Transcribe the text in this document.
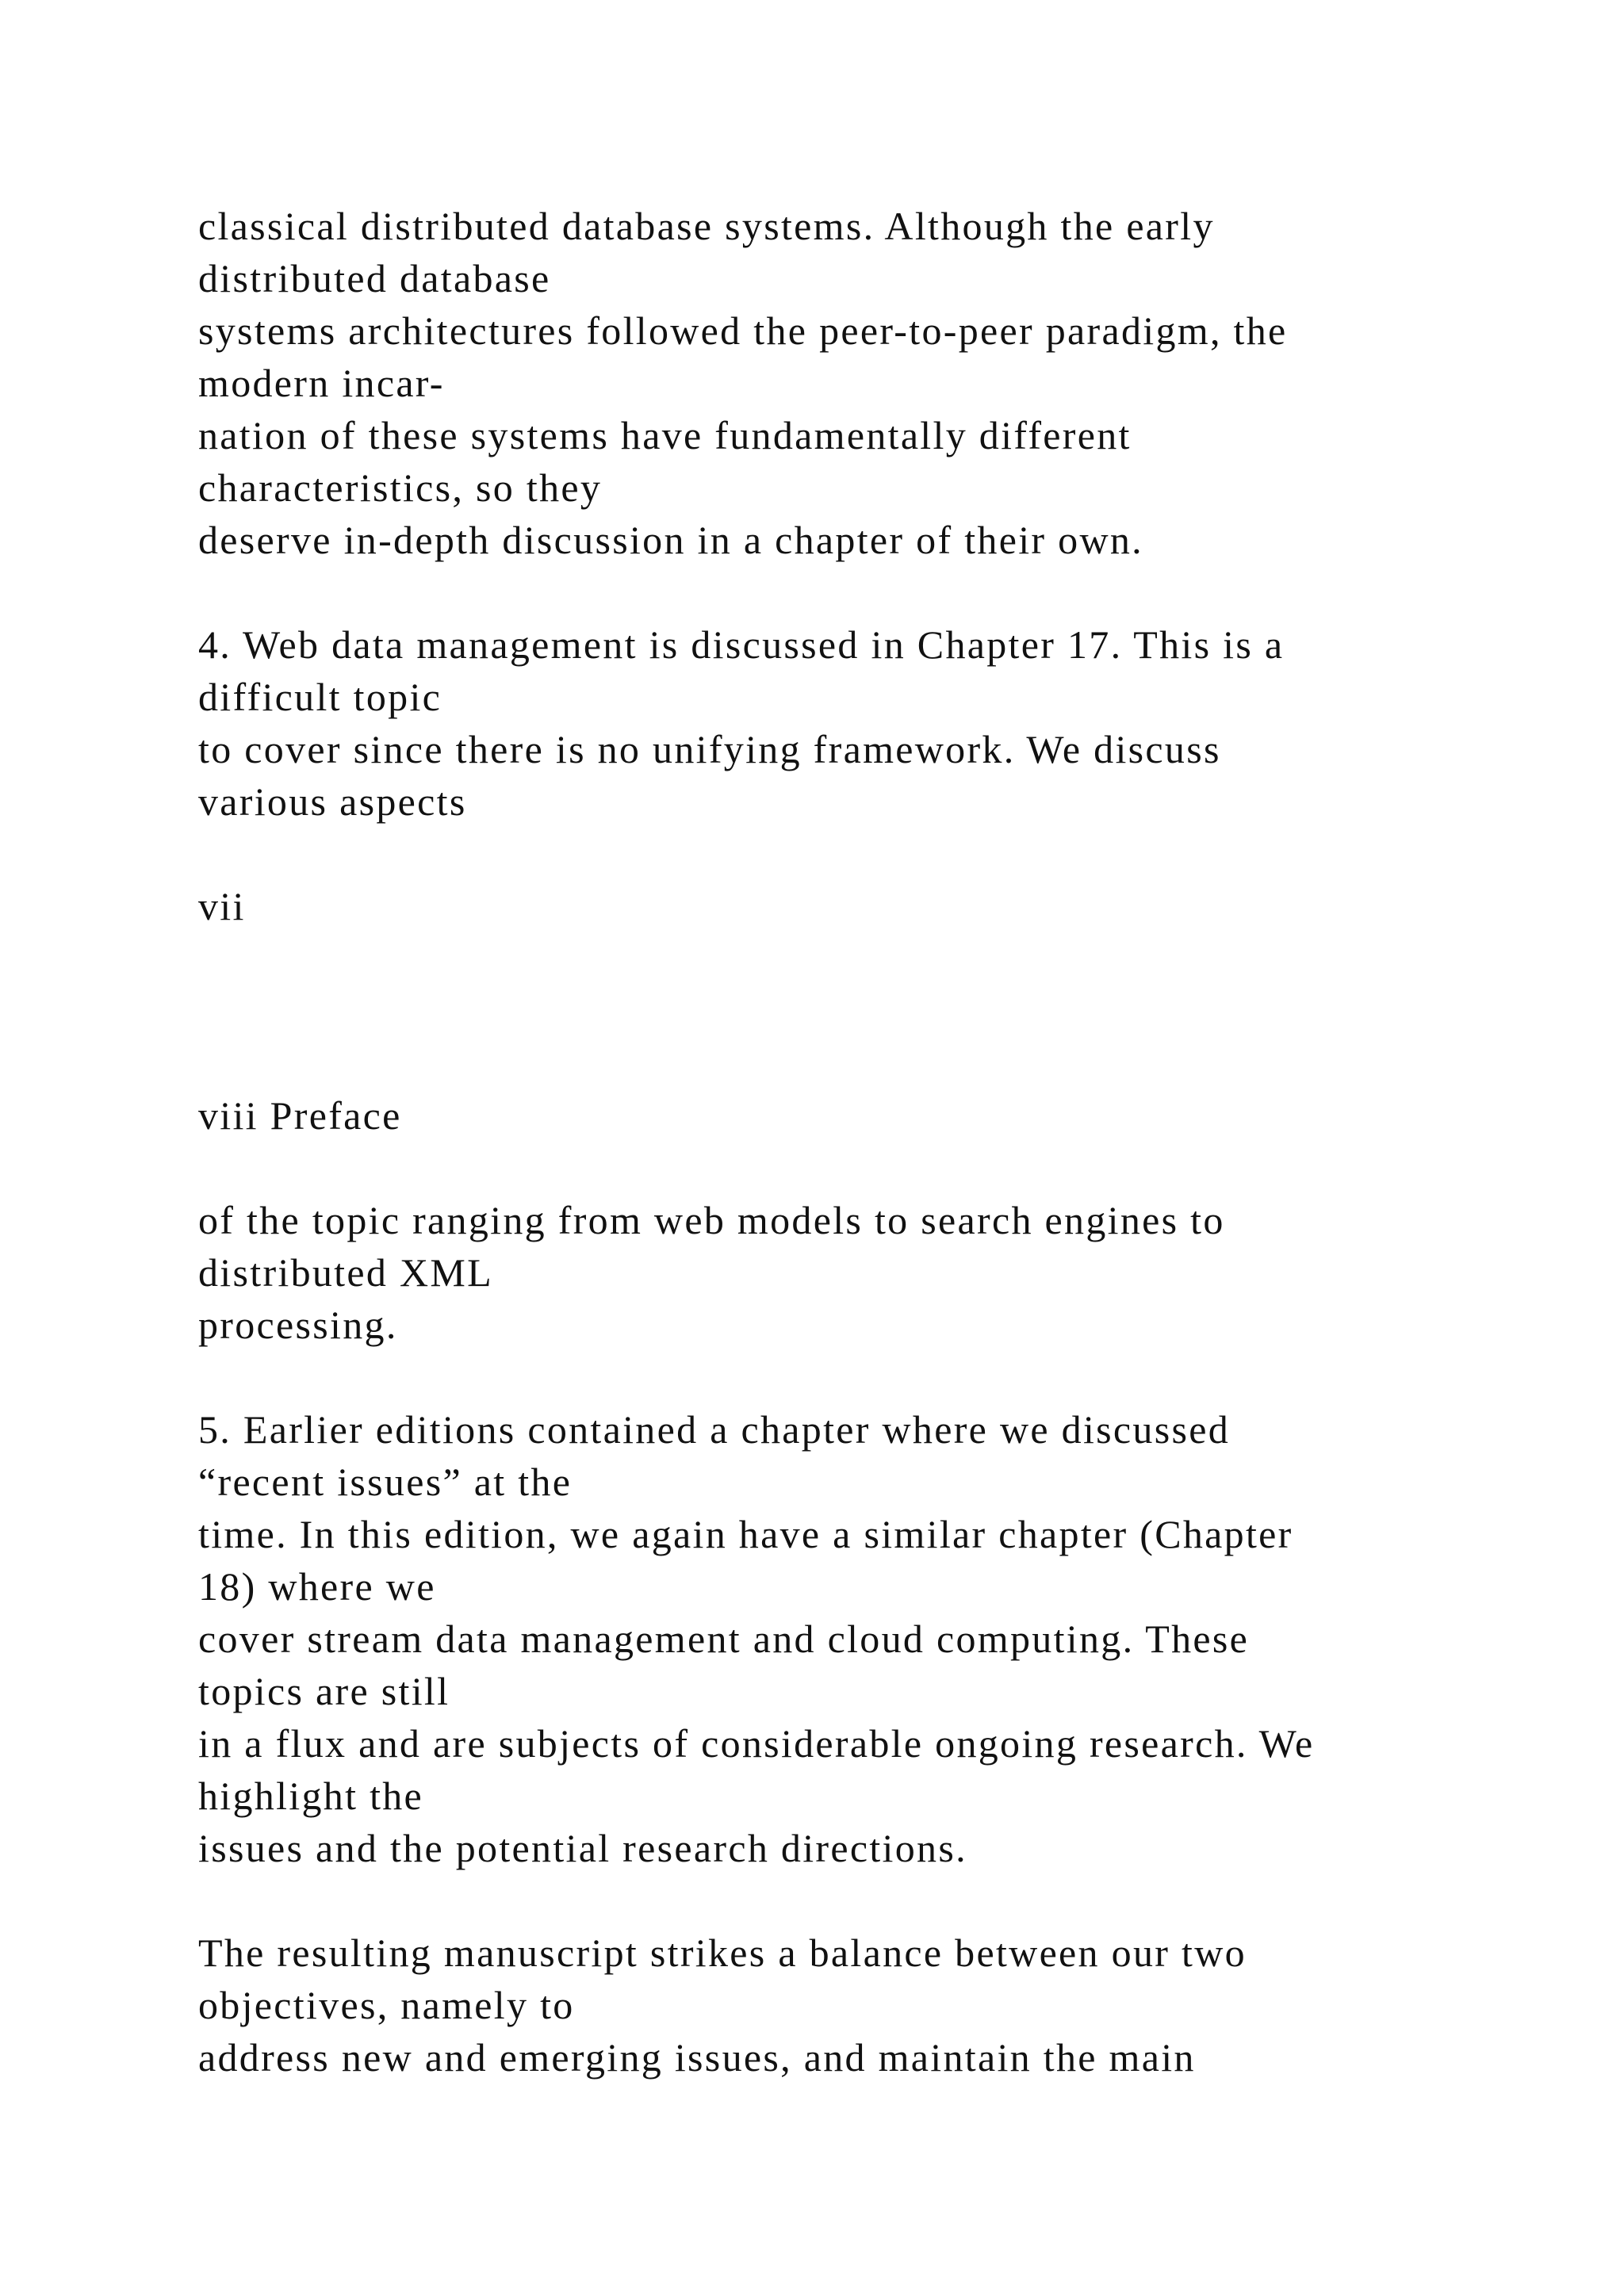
classical distributed database systems. Although the early

distributed database

systems architectures followed the peer-to-peer paradigm, the

modern incar-

nation of these systems have fundamentally different

characteristics, so they

deserve in-depth discussion in a chapter of their own.

4. Web data management is discussed in Chapter 17. This is a

difficult topic

to cover since there is no unifying framework. We discuss

various aspects

vii

viii Preface

of the topic ranging from web models to search engines to

distributed XML

processing.

5. Earlier editions contained a chapter where we discussed

“recent issues” at the

time. In this edition, we again have a similar chapter (Chapter

18) where we

cover stream data management and cloud computing. These

topics are still

in a flux and are subjects of considerable ongoing research. We

highlight the

issues and the potential research directions.

The resulting manuscript strikes a balance between our two

objectives, namely to

address new and emerging issues, and maintain the main
